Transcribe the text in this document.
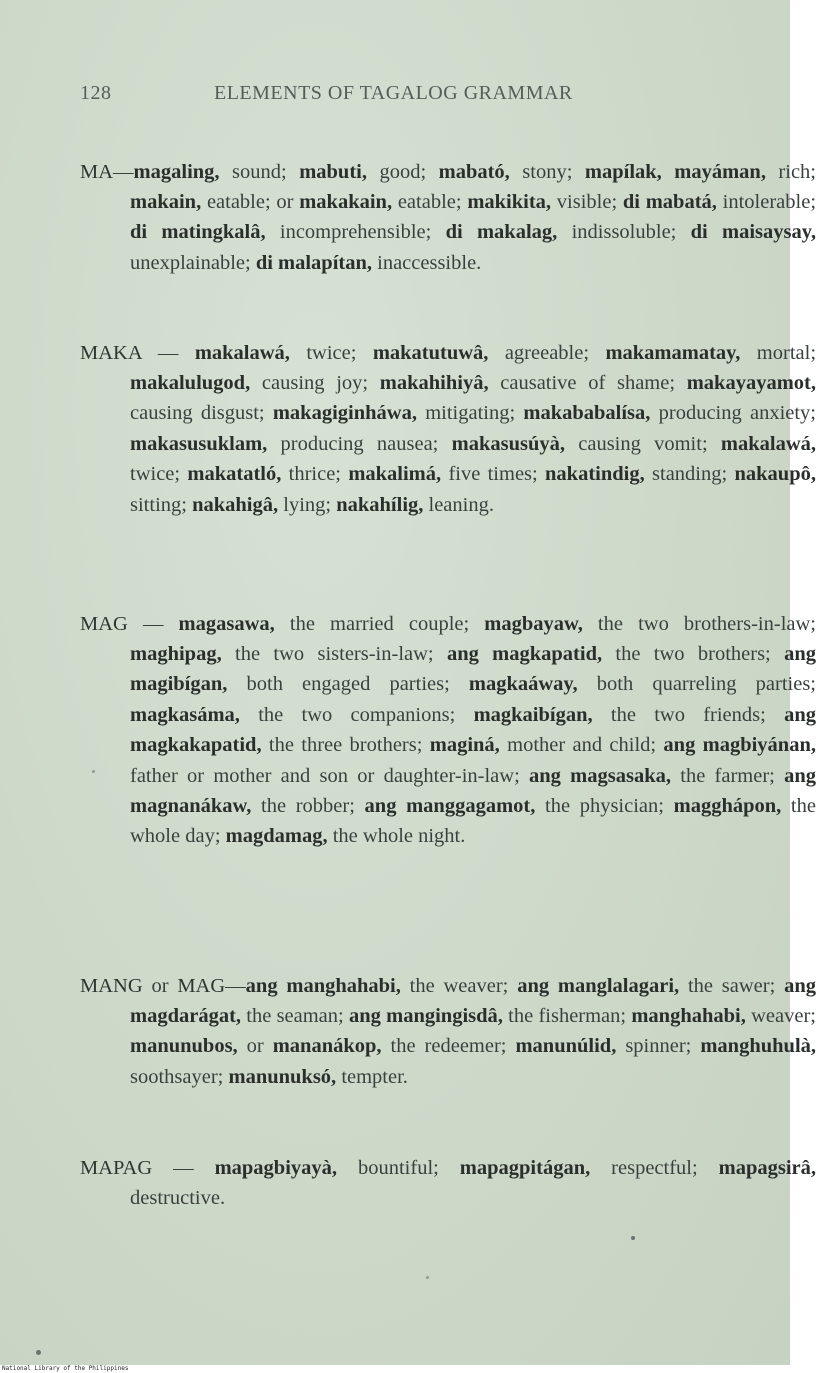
128	ELEMENTS OF TAGALOG GRAMMAR

MA—magaling, sound; mabuti, good; mabató, stony; mapílak, mayáman, rich; makain, eatable; or makakain, eatable; makikita, visible; di mabatá, intolerable; di matingkalâ, incomprehensible; di makalag, indissoluble; di maisaysay, unexplainable; di malapítan, inaccessible.

MAKA — makalawá, twice; makatutuwâ, agreeable; makamamatay, mortal; makalulugod, causing joy; makahihiyâ, causative of shame; makayayamot, causing disgust; makagiginháwa, mitigating; makababalísa, producing anxiety; makasusuklam, producing nausea; makasusúyà, causing vomit; makalawá, twice; makatatló, thrice; makalimá, five times; nakatindig, standing; nakaupô, sitting; nakahigâ, lying; nakahílig, leaning.

MAG — magasawa, the married couple; magbayaw, the two brothers-in-law; maghipag, the two sisters-in-law; ang magkapatid, the two brothers; ang magibígan, both engaged parties; magkaáway, both quarreling parties; magkasáma, the two companions; magkaibígan, the two friends; ang magkakapatid, the three brothers; maginá, mother and child; ang magbiyánan, father or mother and son or daughter-in-law; ang magsasaka, the farmer; ang magnanákaw, the robber; ang manggagamot, the physician; magghápon, the whole day; magdamag, the whole night.

MANG or MAG—ang manghahabi, the weaver; ang manglalagari, the sawer; ang magdarágat, the seaman; ang mangingisdâ, the fisherman; manghahabi, weaver; manunubos, or mananákop, the redeemer; manunúlid, spinner; manghuhulà, soothsayer; manunuksó, tempter.

MAPAG — mapagbiyayà, bountiful; mapagpitágan, respectful; mapagsirâ, destructive.

National Library of the Philippines
